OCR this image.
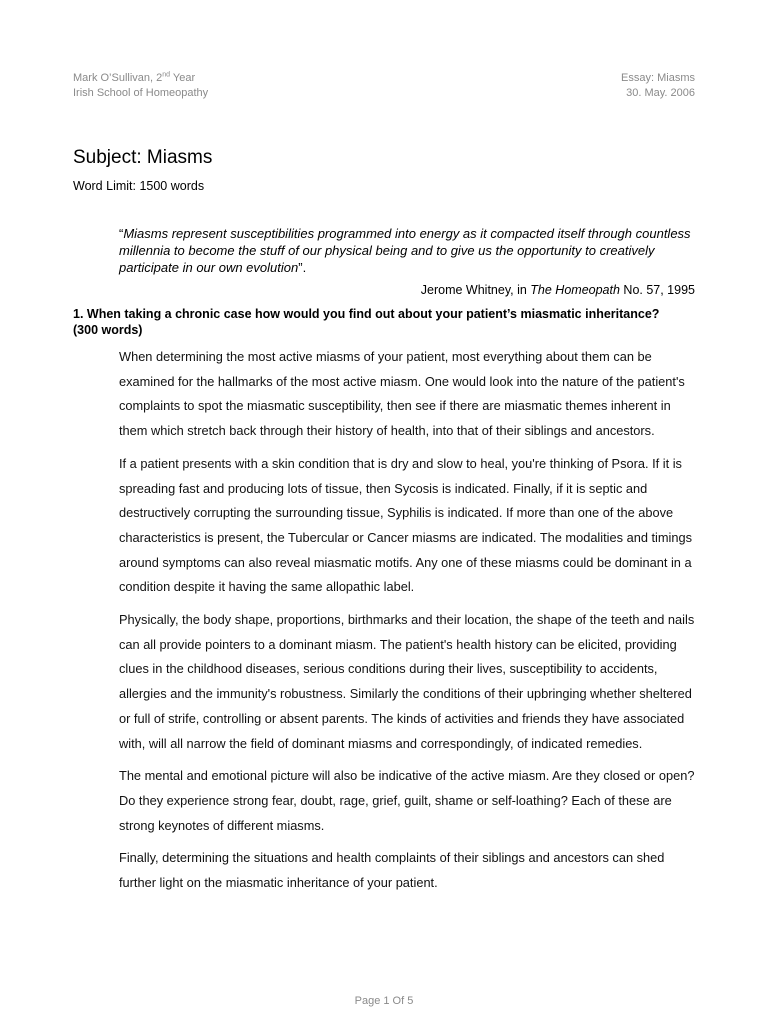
Mark O’Sullivan, 2nd Year
Irish School of Homeopathy
Essay: Miasms
30. May. 2006
Subject: Miasms
Word Limit: 1500 words
“Miasms represent susceptibilities programmed into energy as it compacted itself through countless millennia to become the stuff of our physical being and to give us the opportunity to creatively participate in our own evolution”.
Jerome Whitney, in The Homeopath No. 57, 1995
1. When taking a chronic case how would you find out about your patient’s miasmatic inheritance? (300 words)

When determining the most active miasms of your patient, most everything about them can be examined for the hallmarks of the most active miasm. One would look into the nature of the patient's complaints to spot the miasmatic susceptibility, then see if there are miasmatic themes inherent in them which stretch back through their history of health, into that of their siblings and ancestors.

If a patient presents with a skin condition that is dry and slow to heal, you're thinking of Psora. If it is spreading fast and producing lots of tissue, then Sycosis is indicated. Finally, if it is septic and destructively corrupting the surrounding tissue, Syphilis is indicated. If more than one of the above characteristics is present, the Tubercular or Cancer miasms are indicated. The modalities and timings around symptoms can also reveal miasmatic motifs. Any one of these miasms could be dominant in a condition despite it having the same allopathic label.

Physically, the body shape, proportions, birthmarks and their location, the shape of the teeth and nails can all provide pointers to a dominant miasm. The patient's health history can be elicited, providing clues in the childhood diseases, serious conditions during their lives, susceptibility to accidents, allergies and the immunity's robustness. Similarly the conditions of their upbringing whether sheltered or full of strife, controlling or absent parents. The kinds of activities and friends they have associated with, will all narrow the field of dominant miasms and correspondingly, of indicated remedies.

The mental and emotional picture will also be indicative of the active miasm. Are they closed or open? Do they experience strong fear, doubt, rage, grief, guilt, shame or self-loathing? Each of these are strong keynotes of different miasms.

Finally, determining the situations and health complaints of their siblings and ancestors can shed further light on the miasmatic inheritance of your patient.

Page 1 Of 5
